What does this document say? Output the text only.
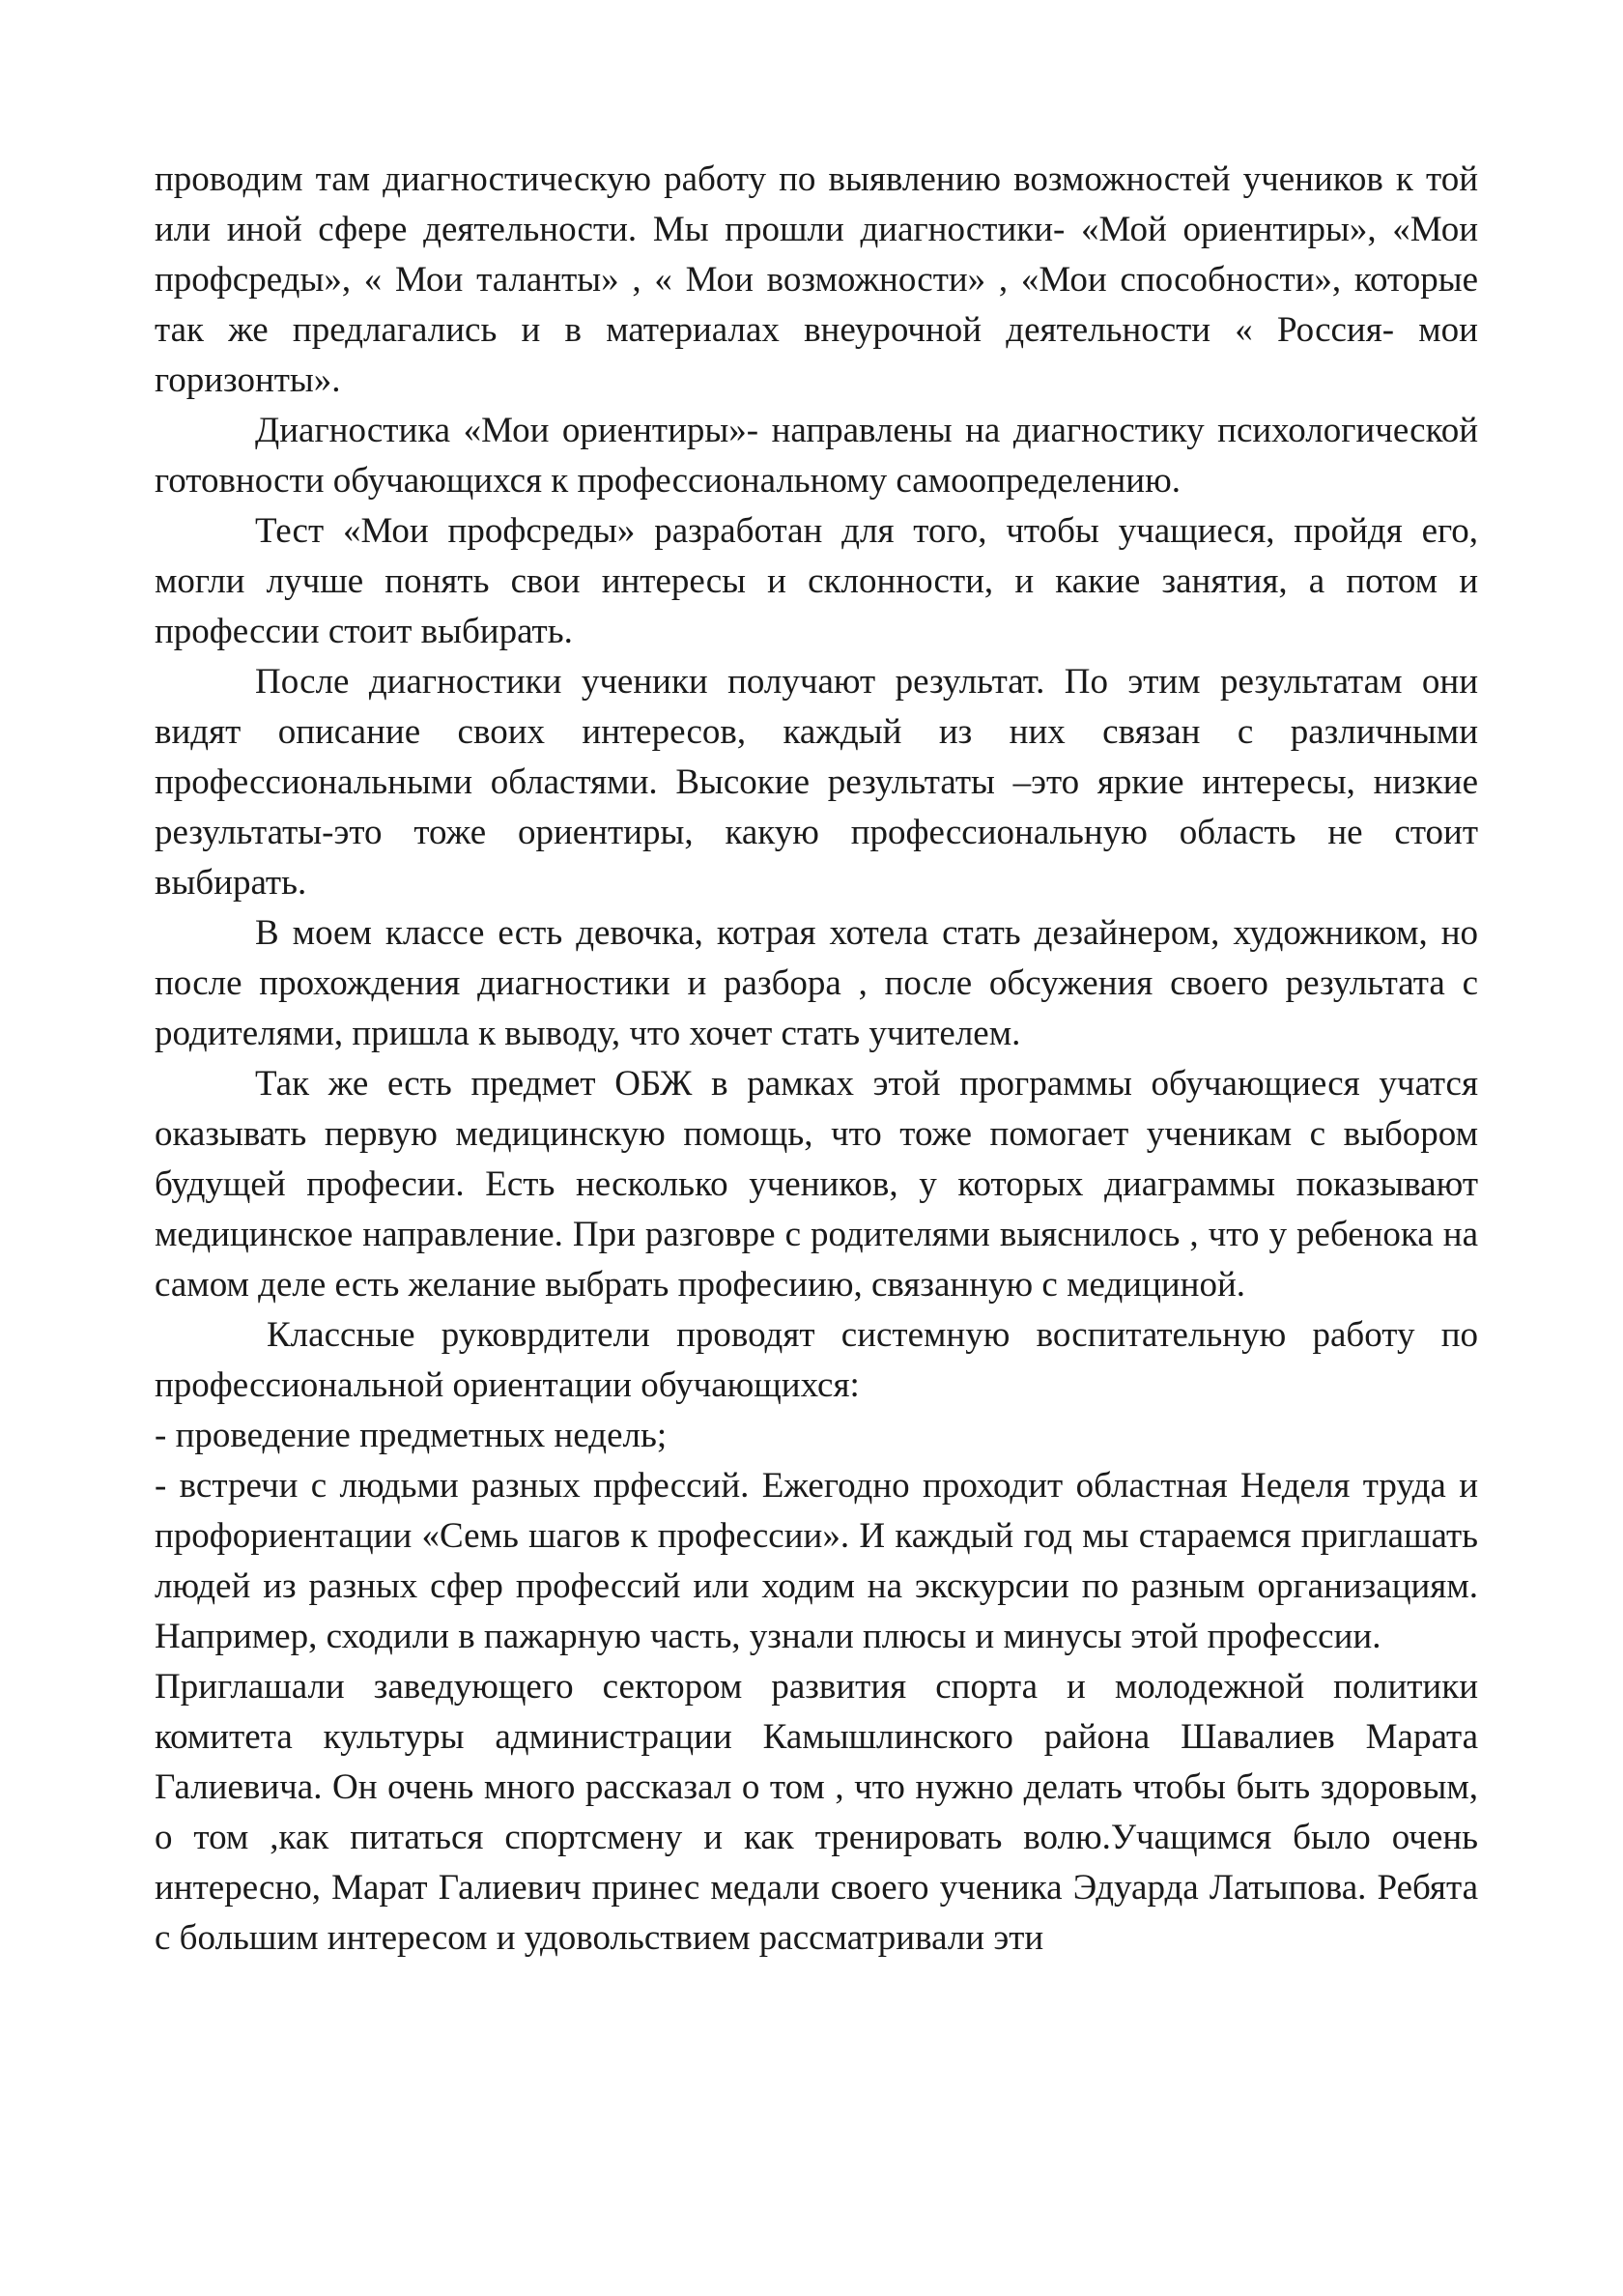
проводим там диагностическую работу по выявлению возможностей учеников к той или иной сфере деятельности. Мы прошли диагностики- «Мой ориентиры», «Мои профсреды», « Мои таланты» , « Мои возможности» , «Мои способности», которые так же предлагались и в материалах внеурочной деятельности « Россия- мои горизонты».

Диагностика «Мои ориентиры»- направлены на диагностику психологической готовности обучающихся к профессиональному самоопределению.

Тест «Мои профсреды» разработан для того, чтобы учащиеся, пройдя его, могли лучше понять свои интересы и склонности, и какие занятия, а потом и профессии стоит выбирать.

После диагностики ученики получают результат. По этим результатам они видят описание своих интересов, каждый из них связан с различными профессиональными областями. Высокие результаты –это яркие интересы, низкие результаты-это тоже ориентиры, какую профессиональную область не стоит выбирать.

В моем классе есть девочка, котрая хотела стать дезайнером, художником, но после прохождения диагностики и разбора , после обсужения своего результата с родителями, пришла к выводу, что хочет стать учителем.

Так же есть предмет ОБЖ в рамках этой программы обучающиеся учатся оказывать первую медицинскую помощь, что тоже помогает ученикам с выбором будущей професии. Есть несколько учеников, у которых диаграммы показывают медицинское направление. При разговре с родителями выяснилось , что у ребенока на самом деле есть желание выбрать професиию, связанную с медициной.

Классные руковрдители проводят системную воспитательную работу по профессиональной ориентации обучающихся:

- проведение предметных недель;

- встречи с людьми разных прфессий. Ежегодно проходит областная Неделя труда и профориентации «Семь шагов к профессии». И каждый год мы стараемся приглашать людей из разных сфер профессий или ходим на экскурсии по разным организациям. Например, сходили в пажарную часть, узнали плюсы и минусы этой профессии.

Приглашали заведующего сектором развития спорта и молодежной политики комитета культуры администрации Камышлинского района Шавалиев Марата Галиевича. Он очень много рассказал о том , что нужно делать чтобы быть здоровым, о том ,как питаться спортсмену и как тренировать волю.Учащимся было очень интересно, Марат Галиевич принес медали своего ученика Эдуарда Латыпова. Ребята с большим интересом и удовольствием рассматривали эти
